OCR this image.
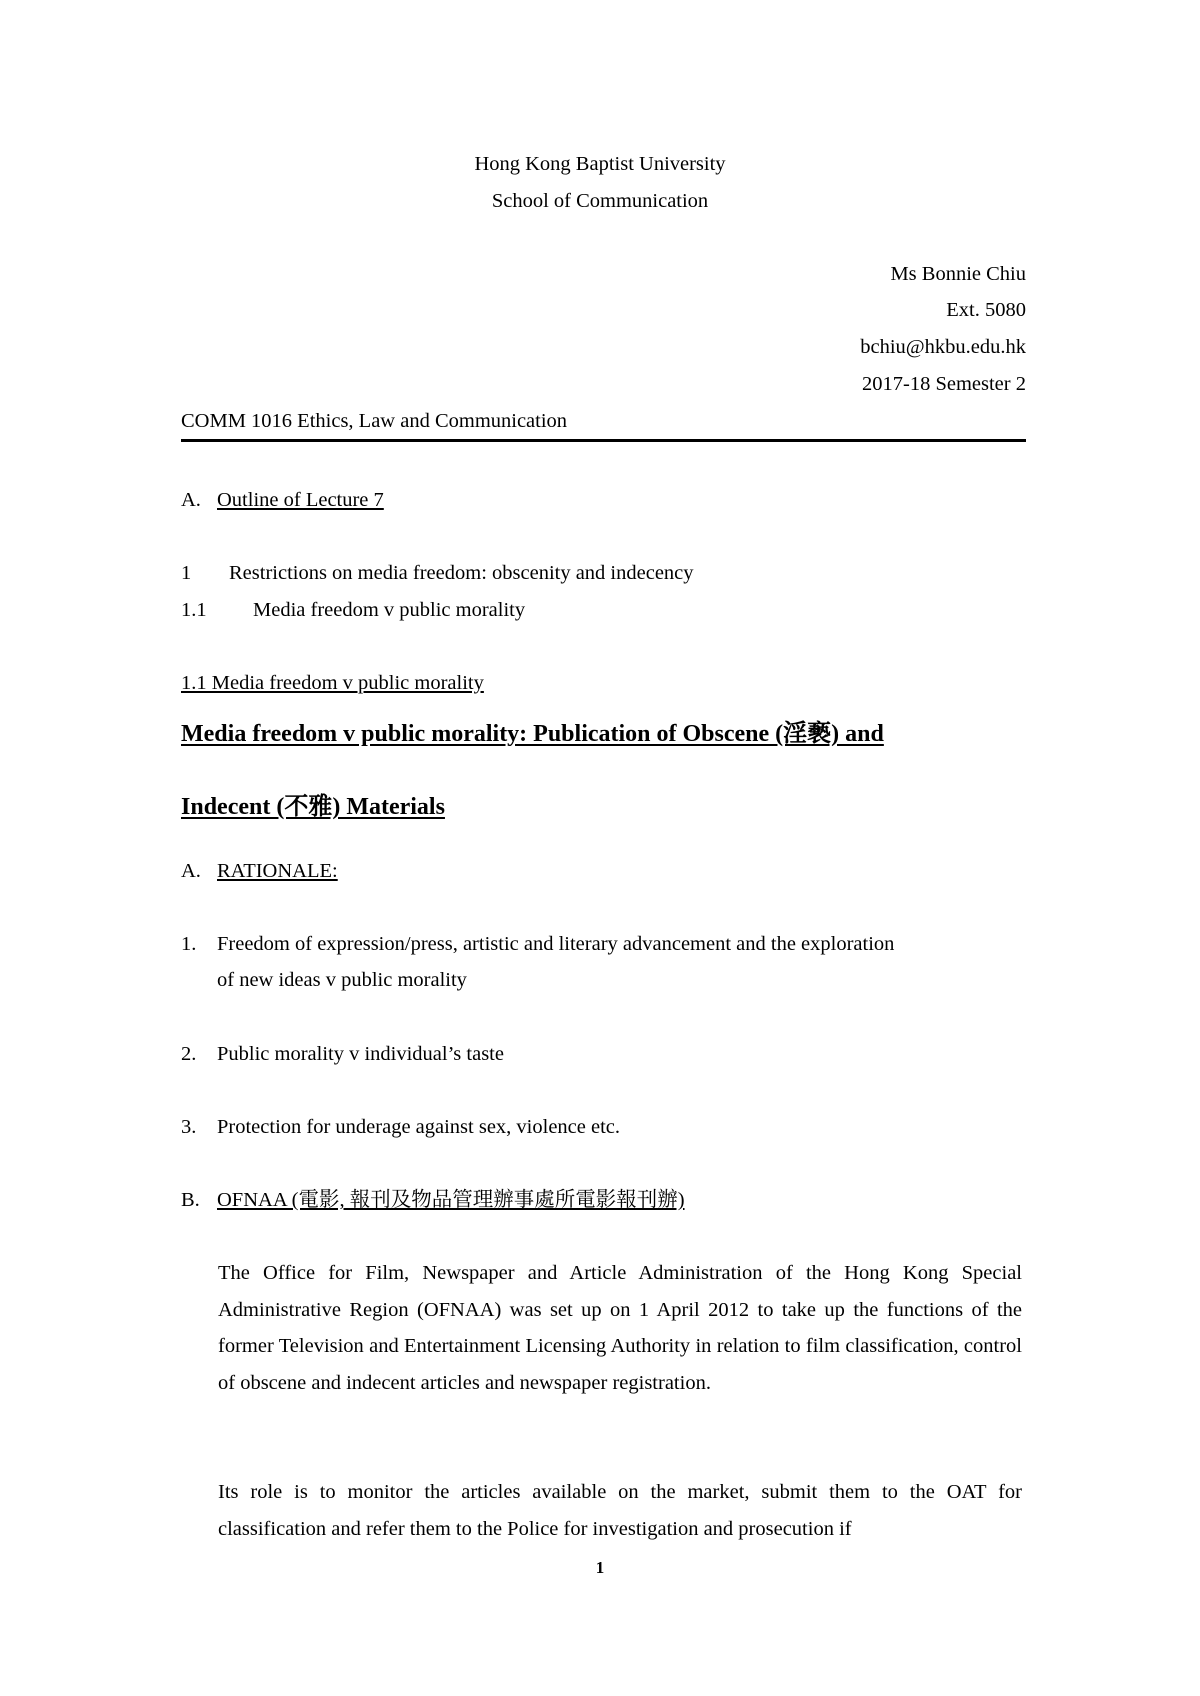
Hong Kong Baptist University
School of Communication
Ms Bonnie Chiu
Ext. 5080
bchiu@hkbu.edu.hk
2017-18 Semester 2
COMM 1016 Ethics, Law and Communication
A. Outline of Lecture 7
1 Restrictions on media freedom: obscenity and indecency
1.1 Media freedom v public morality
1.1 Media freedom v public morality
Media freedom v public morality: Publication of Obscene (淫褻) and
Indecent (不雅) Materials
A. RATIONALE:
1. Freedom of expression/press, artistic and literary advancement and the exploration
of new ideas v public morality
2. Public morality v individual’s taste
3. Protection for underage against sex, violence etc.
B. OFNAA (電影, 報刊及物品管理辦事處所電影報刊辦)
The Office for Film, Newspaper and Article Administration of the Hong Kong Special Administrative Region (OFNAA) was set up on 1 April 2012 to take up the functions of the former Television and Entertainment Licensing Authority in relation to film classification, control of obscene and indecent articles and newspaper registration.
Its role is to monitor the articles available on the market, submit them to the OAT for classification and refer them to the Police for investigation and prosecution if
1
